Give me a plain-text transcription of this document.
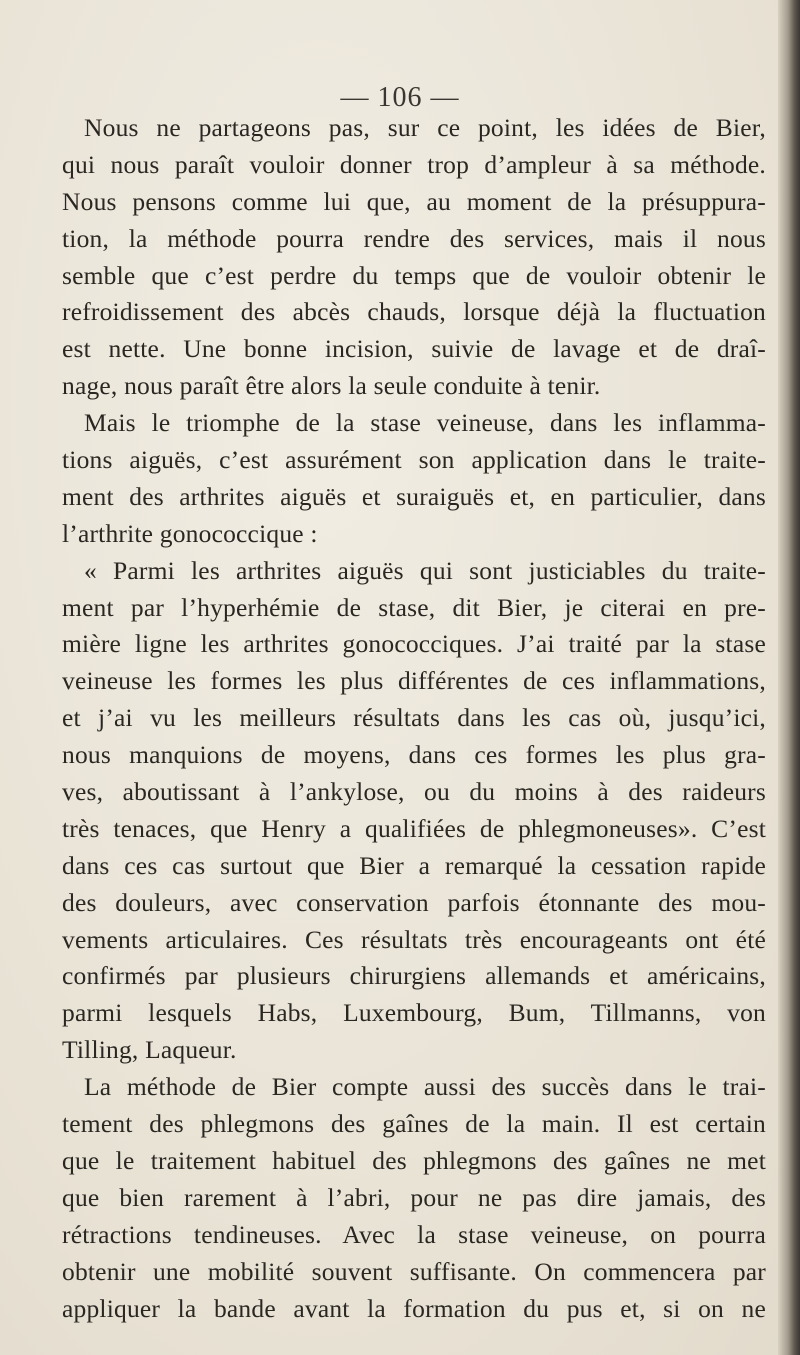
— 106 —
Nous ne partageons pas, sur ce point, les idées de Bier,
qui nous paraît vouloir donner trop d’ampleur à sa méthode.
Nous pensons comme lui que, au moment de la présuppura-
tion, la méthode pourra rendre des services, mais il nous
semble que c’est perdre du temps que de vouloir obtenir le
refroidissement des abcès chauds, lorsque déjà la fluctuation
est nette. Une bonne incision, suivie de lavage et de draî-
nage, nous paraît être alors la seule conduite à tenir.
Mais le triomphe de la stase veineuse, dans les inflamma-
tions aiguës, c’est assurément son application dans le traite-
ment des arthrites aiguës et suraiguës et, en particulier, dans
l’arthrite gonococcique :
« Parmi les arthrites aiguës qui sont justiciables du traite-
ment par l’hyperhémie de stase, dit Bier, je citerai en pre-
mière ligne les arthrites gonococciques. J’ai traité par la stase
veineuse les formes les plus différentes de ces inflammations,
et j’ai vu les meilleurs résultats dans les cas où, jusqu’ici,
nous manquions de moyens, dans ces formes les plus gra-
ves, aboutissant à l’ankylose, ou du moins à des raideurs
très tenaces, que Henry a qualifiées de phlegmoneuses». C’est
dans ces cas surtout que Bier a remarqué la cessation rapide
des douleurs, avec conservation parfois étonnante des mou-
vements articulaires. Ces résultats très encourageants ont été
confirmés par plusieurs chirurgiens allemands et américains,
parmi lesquels Habs, Luxembourg, Bum, Tillmanns, von
Tilling, Laqueur.
La méthode de Bier compte aussi des succès dans le trai-
tement des phlegmons des gaînes de la main. Il est certain
que le traitement habituel des phlegmons des gaînes ne met
que bien rarement à l’abri, pour ne pas dire jamais, des
rétractions tendineuses. Avec la stase veineuse, on pourra
obtenir une mobilité souvent suffisante. On commencera par
appliquer la bande avant la formation du pus et, si on ne
